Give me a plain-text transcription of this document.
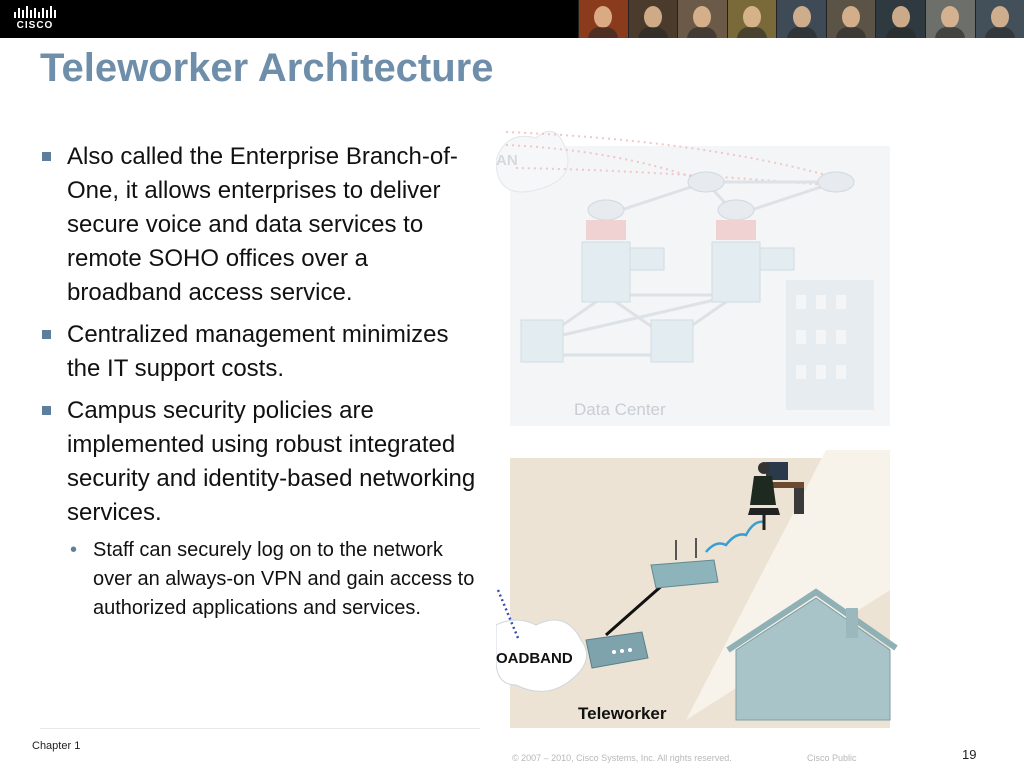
CISCO
Teleworker Architecture
Also called the Enterprise Branch-of-One, it allows enterprises to deliver secure voice and data services to remote SOHO offices over a broadband access service.
Centralized management minimizes the IT support costs.
Campus security policies are implemented using robust integrated security and identity-based networking services.
• Staff can securely log on to the network over an always-on VPN and gain access to authorized applications and services.
AN
Data Center
OADBAND
Teleworker
Chapter 1
© 2007 – 2010, Cisco Systems, Inc. All rights reserved.	Cisco Public	19
